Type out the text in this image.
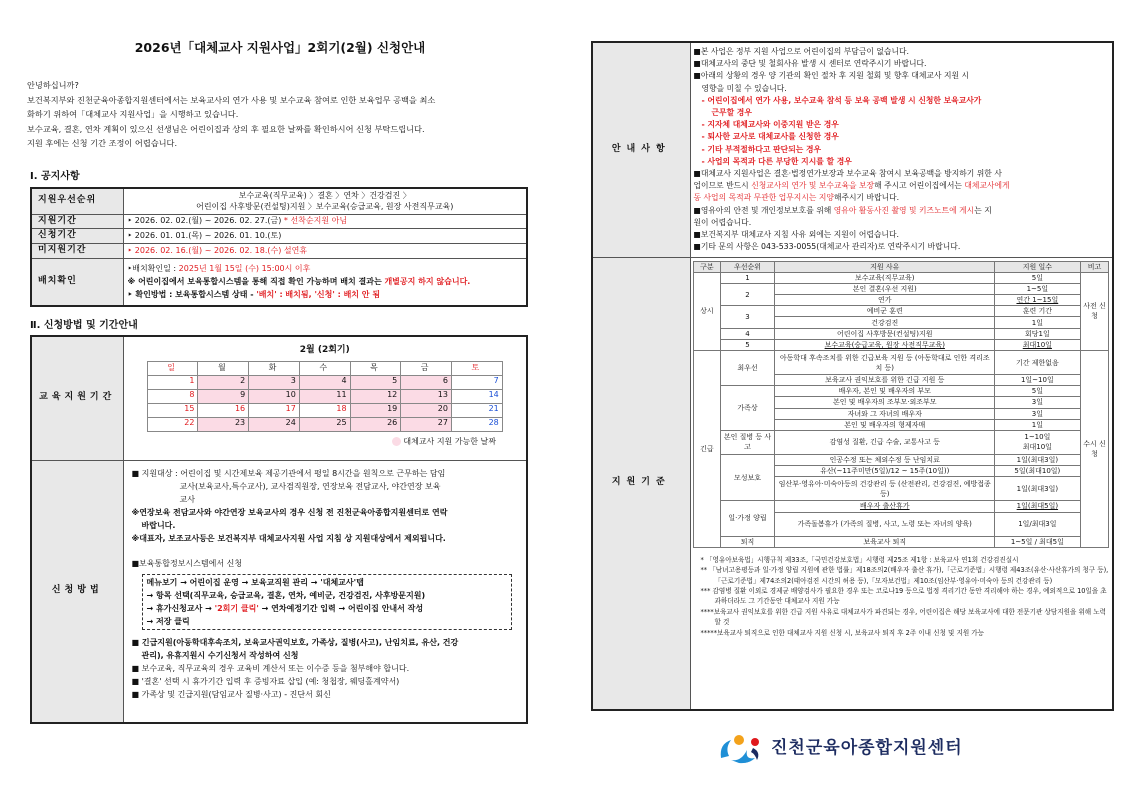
2026년「대체교사 지원사업」2회기(2월) 신청안내
안녕하십니까?
보건복지부와 진천군육아종합지원센터에서는 보육교사의 연가 사용 및 보수교육 참여로 인한 보육업무 공백을 최소
화하기 위하여「대체교사 지원사업」을 시행하고 있습니다.
보수교육, 결혼, 연차 계획이 있으신 선생님은 어린이집과 상의 후 필요한 날짜를 확인하시어 신청 부탁드립니다.
지원 후에는 신청 기간 조정이 어렵습니다.
Ⅰ. 공지사항
지원우선순위	보수교육(직무교육) 〉결혼 〉연차 〉건강검진 〉
어린이집 사후방문(컨설팅)지원 〉보수교육(승급교육, 원장 사전직무교육)

지원기간	‣ 2026. 02. 02.(월) ~ 2026. 02. 27.(금) * 선착순지원 아님
신청기간	‣ 2026. 01. 01.(목) ~ 2026. 01. 10.(토)
미지원기간	‣ 2026. 02. 16.(월) ~ 2026. 02. 18.(수) 설연휴
배치확인	‣배치확인일 : 2025년 1월 15일 (수) 15:00시 이후
※ 어린이집에서 보육통합시스템을 통해 직접 확인 가능하며 배치 결과는 개별공지 하지 않습니다.
‣ 확인방법 : 보육통합시스템 상태 - '배치' : 배치됨, '신청' : 배치 안 됨
Ⅱ. 신청방법 및 기간안내
교육지원기간	
2월 (2회기)
일	월	화	수	목	금	토
1	2	3	4	5	6	7
8	9	10	11	12	13	14
15	16	17	18	19	20	21
22	23	24	25	26	27	28
대체교사 지원 가능한 날짜

신청방법	
■ 지원대상 : 어린이집 및 시간제보육 제공기관에서 평일 8시간을 원칙으로 근무하는 담임
교사(보육교사,특수교사), 교사겸직원장, 연장보육 전담교사, 야간연장 보육
교사
※연장보육 전담교사와 야간연장 보육교사의 경우 신청 전 진천군육아종합지원센터로 연락
바랍니다.
※대표자, 보조교사등은 보건복지부 대체교사지원 사업 지침 상 지원대상에서 제외됩니다.
■보육통합정보시스템에서 신청
메뉴보기 → 어린이집 운영 → 보육교직원 관리 → '대체교사'탭
→ 항목 선택(직무교육, 승급교육, 결혼, 연차, 예비군, 건강검진, 사후방문지원)
→ 휴가신청교사 → '2회기 클릭' → 연차예정기간 입력 → 어린이집 안내서 작성
→ 저장 클릭
■ 긴급지원(아동학대후속조치, 보육교사권익보호, 가족상, 질병(사고), 난임치료, 유산, 건강
관리), 유휴지원시 수기신청서 작성하여 신청
■ 보수교육, 직무교육의 경우 교육비 계산서 또는 이수증 등을 첨부해야 합니다.
■ '결혼' 선택 시 휴가기간 입력 후 증빙자료 삽입 (예: 청첩장, 웨딩홀계약서)
■ 가족상 및 긴급지원(담임교사 질병·사고) - 진단서 회신
안내사항	
■본 사업은 정부 지원 사업으로 어린이집의 부담금이 없습니다.
■대체교사의 중단 및 철회사유 발생 시 센터로 연락주시기 바랍니다.
■아래의 상황의 경우 양 기관의 확인 절차 후 지원 철회 및 향후 대체교사 지원 시
영향을 미칠 수 있습니다.
- 어린이집에서 연가 사용, 보수교육 참석 등 보육 공백 발생 시 신청한 보육교사가
근무할 경우
- 지자체 대체교사와 이중지원 받은 경우
- 퇴사한 교사로 대체교사를 신청한 경우
- 기타 부적절하다고 판단되는 경우
- 사업의 목적과 다른 부당한 지시를 할 경우
■대체교사 지원사업은 결혼·법정연가보장과 보수교육 참여시 보육공백을 방지하기 위한 사
업이므로 반드시 신청교사의 연가 및 보수교육을 보장해 주시고 어린이집에서는 대체교사에게
동 사업의 목적과 무관한 업무지시는 지양해주시기 바랍니다.
■영유아의 안전 및 개인정보보호를 위해 영유아 활동사진 촬영 및 키즈노트에 게시는 지
원이 어렵습니다.
■보건복지부 대체교사 지침 사유 외에는 지원이 어렵습니다.
■기타 문의 사항은 043-533-0055(대체교사 관리자)로 연락주시기 바랍니다.

지원기준	
구분	우선순위	지원 사유	지원 일수	비고
상시	1	보수교육(직무교육)	5일	사전 신청
2	본인 결혼(우선 지원)	1~5일
연가	연간 1~15일
3	예비군 훈련	훈련 기간
건강검진	1일
4	어린이집 사후방문(컨설팅)지원	회당1일
5	보수교육(승급교육, 원장 사전직무교육)	최대10일
긴급	최우선	아동학대 후속조치를 위한 긴급보육 지원 등 (아동학대로 인한 격리조치 등)	기간 제한없음	수시 신청
보육교사 권익보호를 위한 긴급 지원 등	1일~10일
가족상	배우자, 본인 및 배우자의 부모	5일
본인 및 배우자의 조부모·외조부모	3일
자녀와 그 자녀의 배우자	3일
본인 및 배우자의 형제자매	1일
본인 질병 등 사고	감염성 질환, 긴급 수술, 교통사고 등	
1~10일
최대10일

모성보호	인공수정 또는 체외수정 등 난임치료	1일(최대3일)
유산(~11주미만(5일)/12 ~ 15주(10일))	5일(최대10일)
임산부·영유아·미숙아등의 건강관리 등 (산전관리, 건강검진, 예방접종 등)	1일(최대3일)
일·가정 양립	배우자 출산휴가	1일(최대5일)
가족돌봄휴가 (가족의 질병, 사고, 노령 또는 자녀의 양육)	1일/최대3일
퇴직	보육교사 퇴직	1~5일 / 최대5일
* 「영유아보육법」시행규칙 제33조,「국민건강보호법」시행령 제25조 제1항 : 보육교사 연1회 건강검진실시
** 「남녀고용평등과 일·가정 양립 지원에 관한 법률」제18조의2(배우자 출산 휴가),「근로기준법」시행령 제43조(유산·사산휴가의 청구 등),「근로기준법」제74조의2(태아검진 시간의 허용 등),「모자보건법」제10조(임산부·영유아·미숙아 등의 건강관리 등)
*** 감염병 질환 이외로 경제균 배양검사가 필요한 경우 또는 코로나19 등으로 법정 격리기간 동안 격리해야 하는 경우, 예외적으로 10일을 초과하더라도 그 기간동안 대체교사 지원 가능
****보육교사 권익보호를 위한 긴급 지원 사유로 대체교사가 파견되는 경우, 어린이집은 해당 보육교사에 대한 전문기관 상담지원을 위해 노력할 것
*****보육교사 퇴직으로 인한 대체교사 지원 신청 시, 보육교사 퇴직 후 2주 이내 신청 및 지원 가능
진천군육아종합지원센터
